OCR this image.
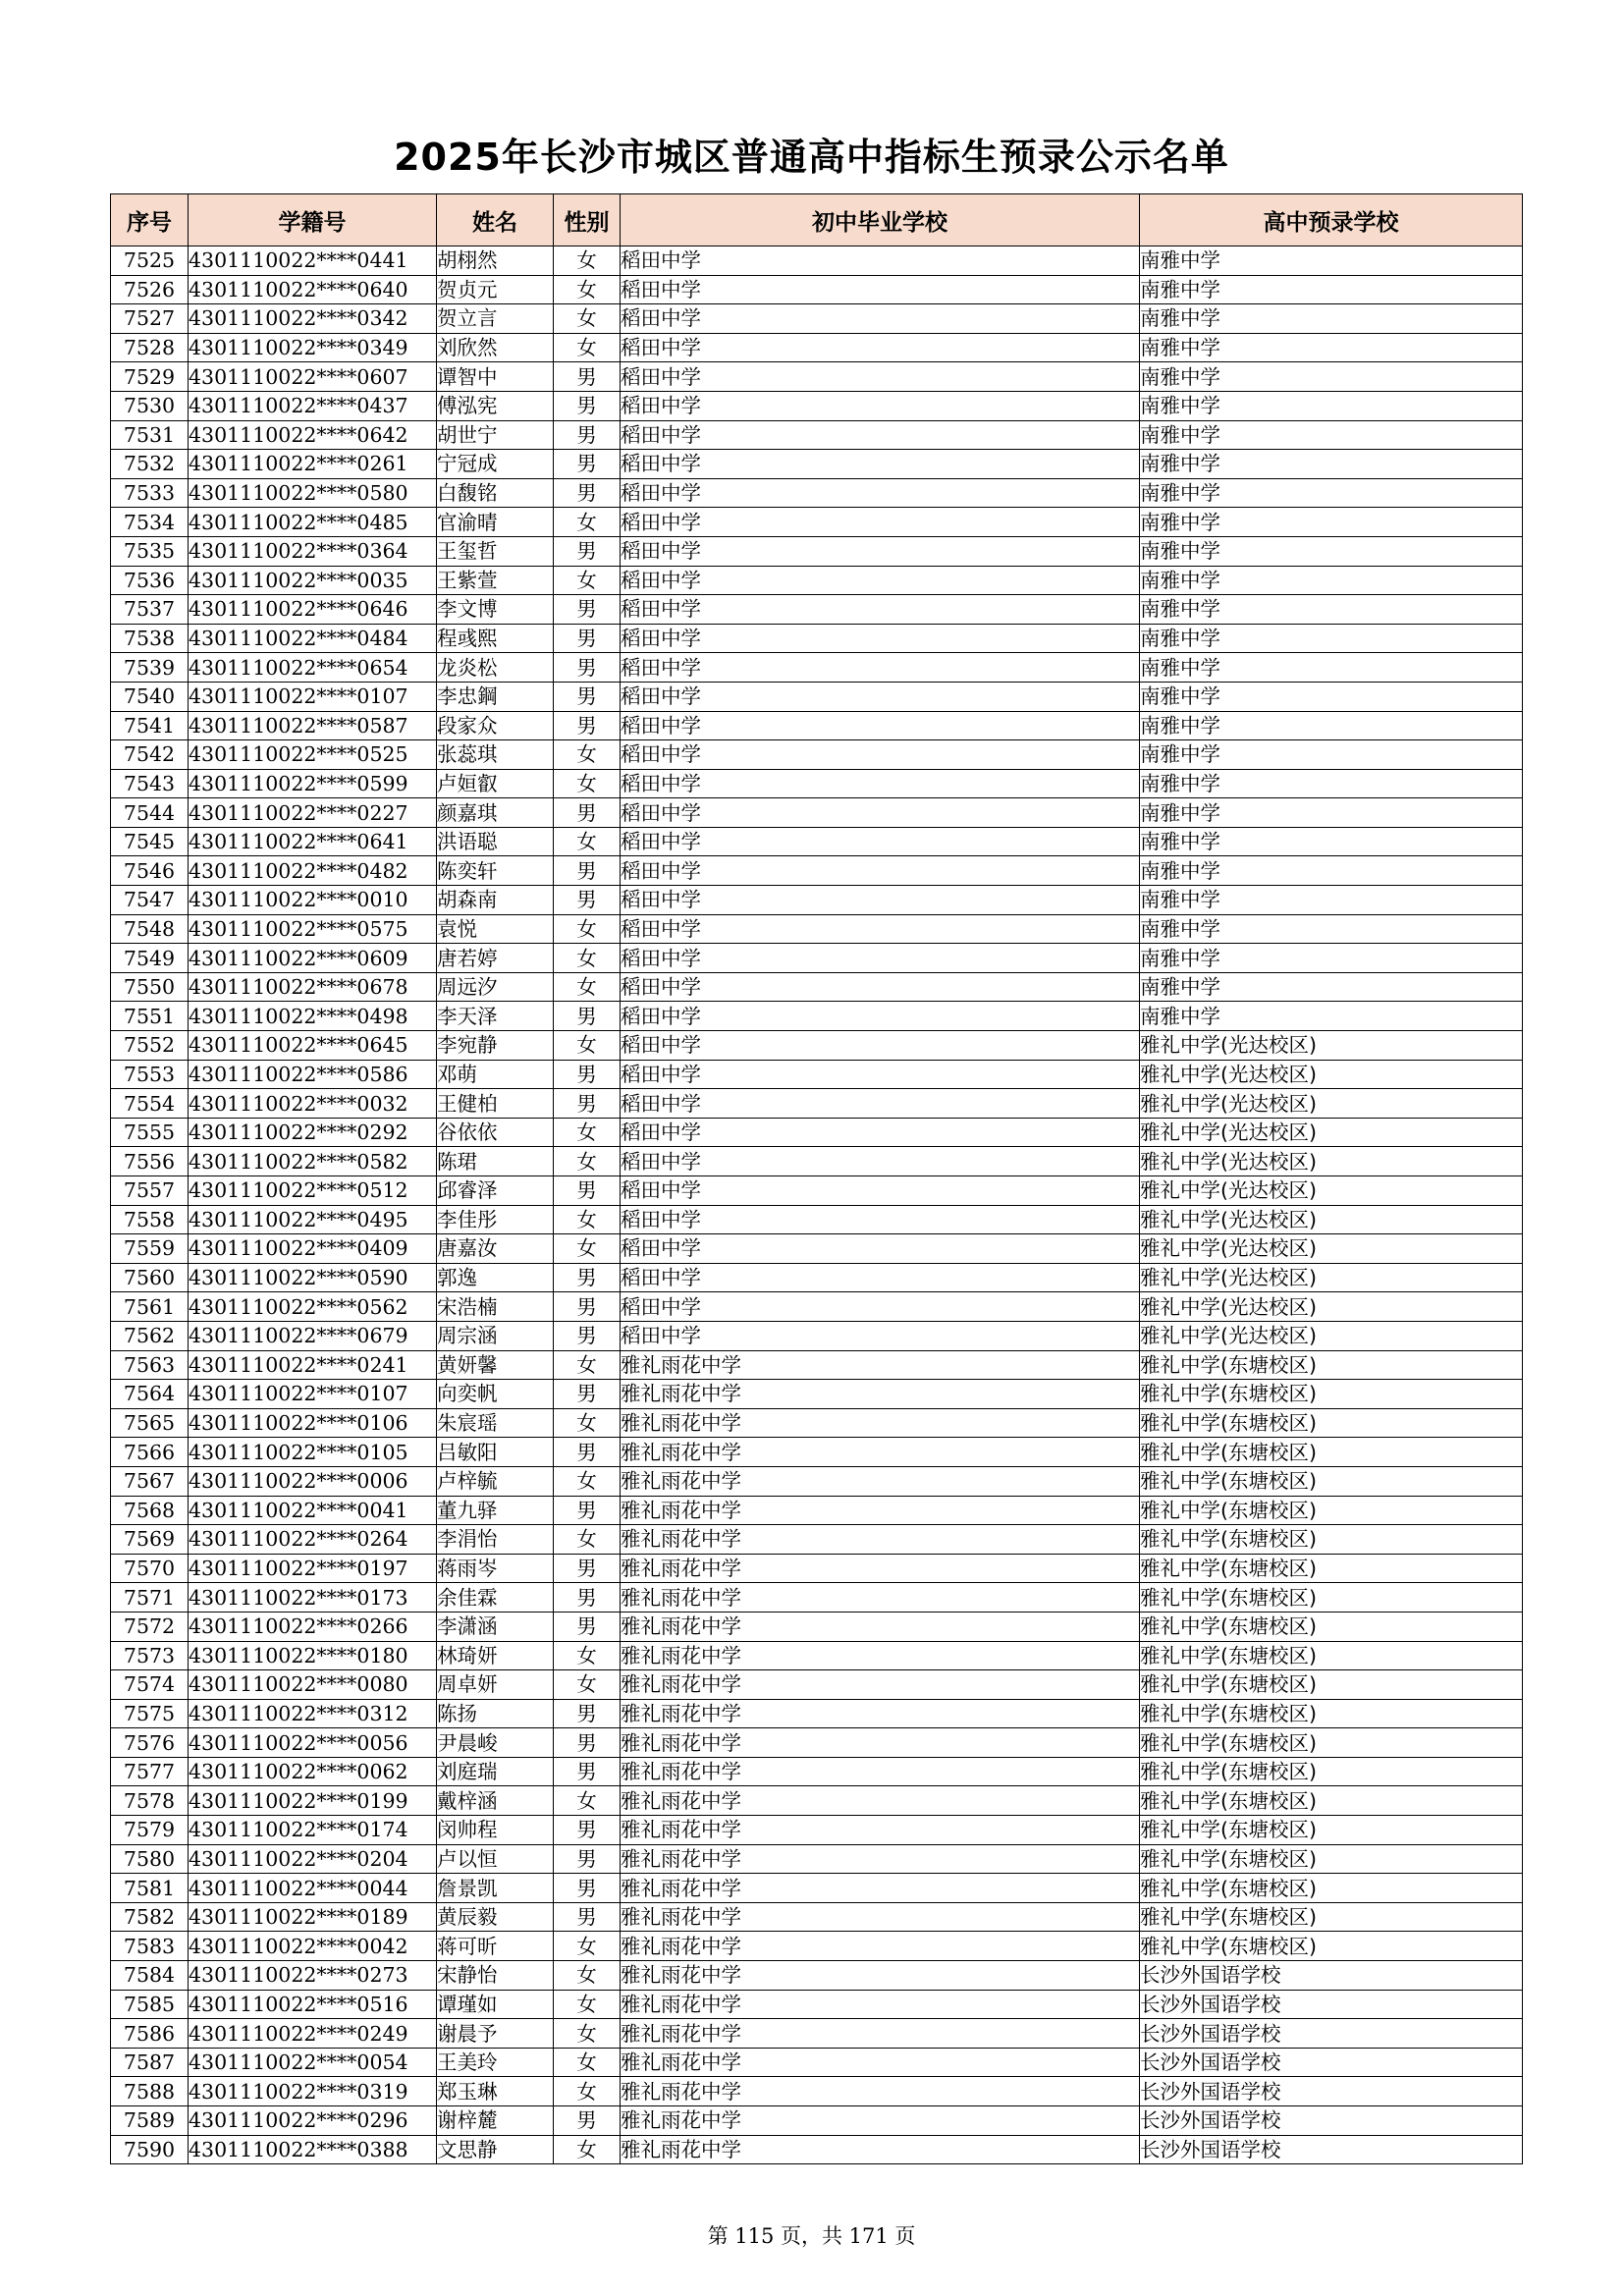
2025年长沙市城区普通高中指标生预录公示名单
序号	学籍号	姓名	性别	初中毕业学校	高中预录学校
7525	4301110022****0441	胡栩然	女	稻田中学	南雅中学
7526	4301110022****0640	贺贞元	女	稻田中学	南雅中学
7527	4301110022****0342	贺立言	女	稻田中学	南雅中学
7528	4301110022****0349	刘欣然	女	稻田中学	南雅中学
7529	4301110022****0607	谭智中	男	稻田中学	南雅中学
7530	4301110022****0437	傅泓宪	男	稻田中学	南雅中学
7531	4301110022****0642	胡世宁	男	稻田中学	南雅中学
7532	4301110022****0261	宁冠成	男	稻田中学	南雅中学
7533	4301110022****0580	白馥铭	男	稻田中学	南雅中学
7534	4301110022****0485	官渝晴	女	稻田中学	南雅中学
7535	4301110022****0364	王玺哲	男	稻田中学	南雅中学
7536	4301110022****0035	王紫萱	女	稻田中学	南雅中学
7537	4301110022****0646	李文博	男	稻田中学	南雅中学
7538	4301110022****0484	程彧熙	男	稻田中学	南雅中学
7539	4301110022****0654	龙炎松	男	稻田中学	南雅中学
7540	4301110022****0107	李忠鋼	男	稻田中学	南雅中学
7541	4301110022****0587	段家众	男	稻田中学	南雅中学
7542	4301110022****0525	张蕊琪	女	稻田中学	南雅中学
7543	4301110022****0599	卢姮叡	女	稻田中学	南雅中学
7544	4301110022****0227	颜嘉琪	男	稻田中学	南雅中学
7545	4301110022****0641	洪语聪	女	稻田中学	南雅中学
7546	4301110022****0482	陈奕轩	男	稻田中学	南雅中学
7547	4301110022****0010	胡森南	男	稻田中学	南雅中学
7548	4301110022****0575	袁悦	女	稻田中学	南雅中学
7549	4301110022****0609	唐若婷	女	稻田中学	南雅中学
7550	4301110022****0678	周远汐	女	稻田中学	南雅中学
7551	4301110022****0498	李天泽	男	稻田中学	南雅中学
7552	4301110022****0645	李宛静	女	稻田中学	雅礼中学(光达校区)
7553	4301110022****0586	邓萌	男	稻田中学	雅礼中学(光达校区)
7554	4301110022****0032	王健柏	男	稻田中学	雅礼中学(光达校区)
7555	4301110022****0292	谷依依	女	稻田中学	雅礼中学(光达校区)
7556	4301110022****0582	陈珺	女	稻田中学	雅礼中学(光达校区)
7557	4301110022****0512	邱睿泽	男	稻田中学	雅礼中学(光达校区)
7558	4301110022****0495	李佳彤	女	稻田中学	雅礼中学(光达校区)
7559	4301110022****0409	唐嘉汝	女	稻田中学	雅礼中学(光达校区)
7560	4301110022****0590	郭逸	男	稻田中学	雅礼中学(光达校区)
7561	4301110022****0562	宋浩楠	男	稻田中学	雅礼中学(光达校区)
7562	4301110022****0679	周宗涵	男	稻田中学	雅礼中学(光达校区)
7563	4301110022****0241	黄妍馨	女	雅礼雨花中学	雅礼中学(东塘校区)
7564	4301110022****0107	向奕帆	男	雅礼雨花中学	雅礼中学(东塘校区)
7565	4301110022****0106	朱宸瑶	女	雅礼雨花中学	雅礼中学(东塘校区)
7566	4301110022****0105	吕敏阳	男	雅礼雨花中学	雅礼中学(东塘校区)
7567	4301110022****0006	卢梓毓	女	雅礼雨花中学	雅礼中学(东塘校区)
7568	4301110022****0041	董九驿	男	雅礼雨花中学	雅礼中学(东塘校区)
7569	4301110022****0264	李涓怡	女	雅礼雨花中学	雅礼中学(东塘校区)
7570	4301110022****0197	蒋雨岑	男	雅礼雨花中学	雅礼中学(东塘校区)
7571	4301110022****0173	余佳霖	男	雅礼雨花中学	雅礼中学(东塘校区)
7572	4301110022****0266	李潇涵	男	雅礼雨花中学	雅礼中学(东塘校区)
7573	4301110022****0180	林琦妍	女	雅礼雨花中学	雅礼中学(东塘校区)
7574	4301110022****0080	周卓妍	女	雅礼雨花中学	雅礼中学(东塘校区)
7575	4301110022****0312	陈扬	男	雅礼雨花中学	雅礼中学(东塘校区)
7576	4301110022****0056	尹晨峻	男	雅礼雨花中学	雅礼中学(东塘校区)
7577	4301110022****0062	刘庭瑞	男	雅礼雨花中学	雅礼中学(东塘校区)
7578	4301110022****0199	戴梓涵	女	雅礼雨花中学	雅礼中学(东塘校区)
7579	4301110022****0174	闵帅程	男	雅礼雨花中学	雅礼中学(东塘校区)
7580	4301110022****0204	卢以恒	男	雅礼雨花中学	雅礼中学(东塘校区)
7581	4301110022****0044	詹景凯	男	雅礼雨花中学	雅礼中学(东塘校区)
7582	4301110022****0189	黄辰毅	男	雅礼雨花中学	雅礼中学(东塘校区)
7583	4301110022****0042	蒋可昕	女	雅礼雨花中学	雅礼中学(东塘校区)
7584	4301110022****0273	宋静怡	女	雅礼雨花中学	长沙外国语学校
7585	4301110022****0516	谭瑾如	女	雅礼雨花中学	长沙外国语学校
7586	4301110022****0249	谢晨予	女	雅礼雨花中学	长沙外国语学校
7587	4301110022****0054	王美玲	女	雅礼雨花中学	长沙外国语学校
7588	4301110022****0319	郑玉琳	女	雅礼雨花中学	长沙外国语学校
7589	4301110022****0296	谢梓麓	男	雅礼雨花中学	长沙外国语学校
7590	4301110022****0388	文思静	女	雅礼雨花中学	长沙外国语学校
第 115 页，共 171 页
